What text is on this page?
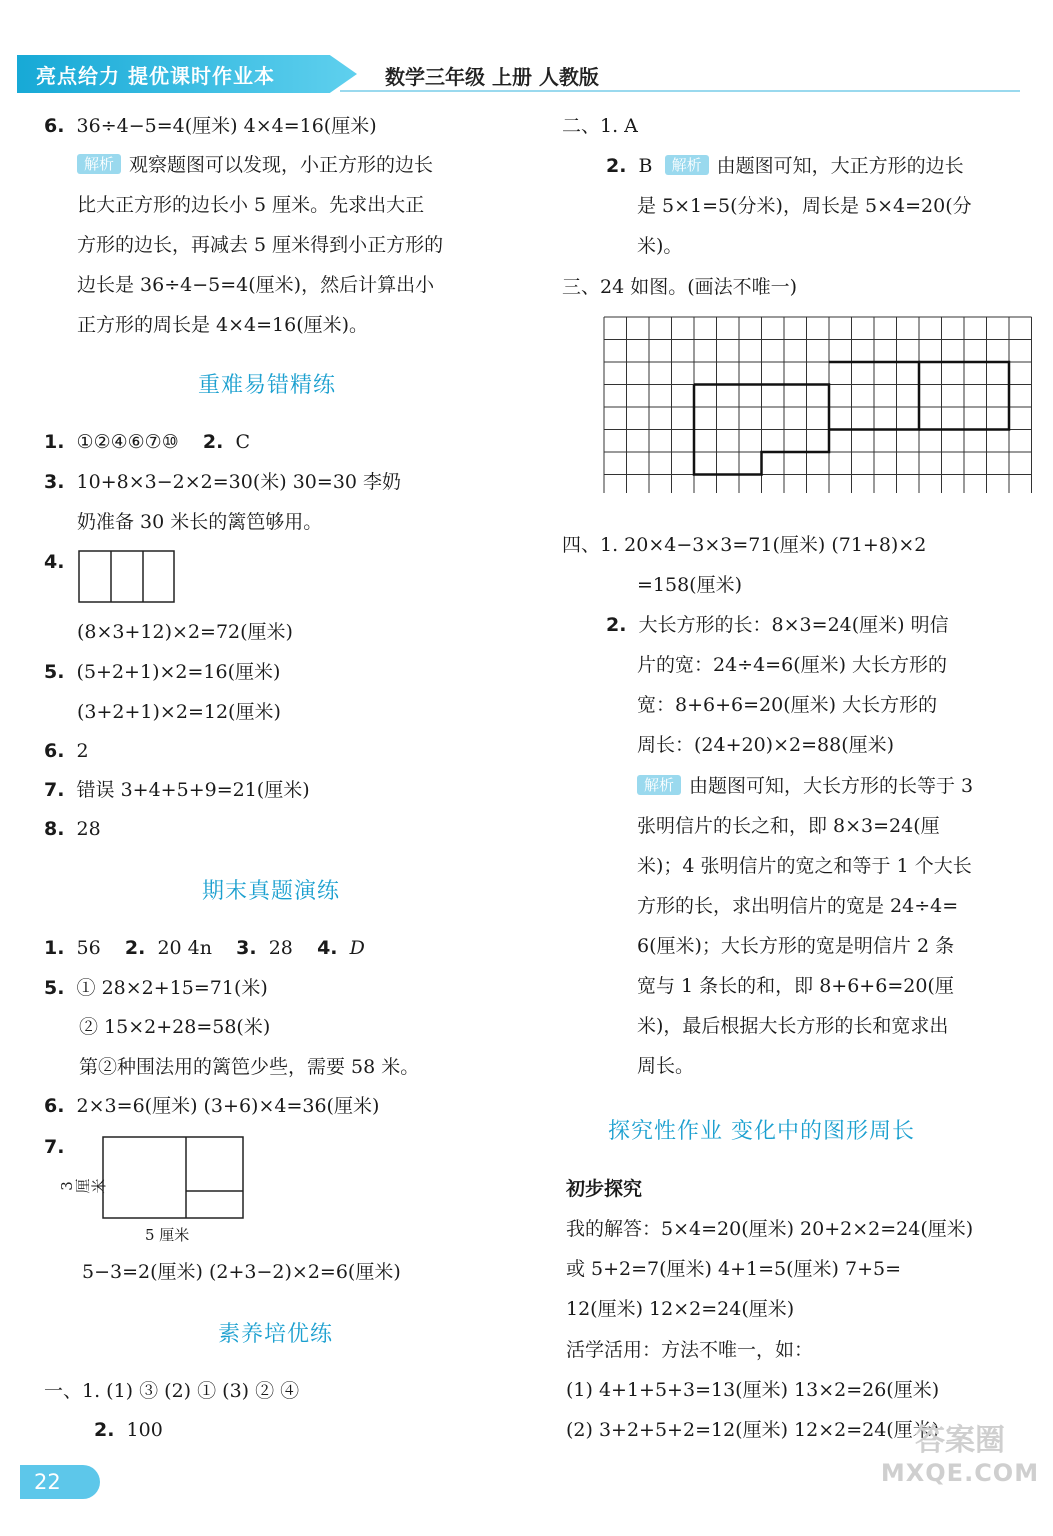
亮点给力 提优课时作业本	数学三年级 上册 人教版
6. 36÷4−5=4(厘米) 4×4=16(厘米)
解析 观察题图可以发现，小正方形的边长
比大正方形的边长小 5 厘米。先求出大正
方形的边长，再减去 5 厘米得到小正方形的
边长是 36÷4−5=4(厘米)，然后计算出小
正方形的周长是 4×4=16(厘米)。
重难易错精练
1. ①②④⑥⑦⑩ 2. C
3. 10+8×3−2×2=30(米) 30=30 李奶
奶准备 30 米长的篱笆够用。
4.
(8×3+12)×2=72(厘米)
5. (5+2+1)×2=16(厘米)
(3+2+1)×2=12(厘米)
6. 2
7. 错误 3+4+5+9=21(厘米)
8. 28
期末真题演练
1. 56 2. 20 4n 3. 28 4. D
5. ① 28×2+15=71(米)
② 15×2+28=58(米)
第②种围法用的篱笆少些，需要 58 米。
6. 2×3=6(厘米) (3+6)×4=36(厘米)
7.
3 厘米
5 厘米
5−3=2(厘米) (2+3−2)×2=6(厘米)
素养培优练
一、1. (1) ③ (2) ① (3) ② ④
2. 100
22
二、1. A
2. B 解析 由题图可知，大正方形的边长
是 5×1=5(分米)，周长是 5×4=20(分
米)。
三、24 如图。(画法不唯一)
四、1. 20×4−3×3=71(厘米) (71+8)×2
=158(厘米)
2. 大长方形的长：8×3=24(厘米) 明信
片的宽：24÷4=6(厘米) 大长方形的
宽：8+6+6=20(厘米) 大长方形的
周长：(24+20)×2=88(厘米)
解析 由题图可知，大长方形的长等于 3
张明信片的长之和，即 8×3=24(厘
米)；4 张明信片的宽之和等于 1 个大长
方形的长，求出明信片的宽是 24÷4=
6(厘米)；大长方形的宽是明信片 2 条
宽与 1 条长的和，即 8+6+6=20(厘
米)，最后根据大长方形的长和宽求出
周长。
探究性作业 变化中的图形周长
初步探究
我的解答：5×4=20(厘米) 20+2×2=24(厘米)
或 5+2=7(厘米) 4+1=5(厘米) 7+5=
12(厘米) 12×2=24(厘米)
活学活用：方法不唯一，如：
(1) 4+1+5+3=13(厘米) 13×2=26(厘米)
(2) 3+2+5+2=12(厘米) 12×2=24(厘米)
答案圈
MXQE.COM
